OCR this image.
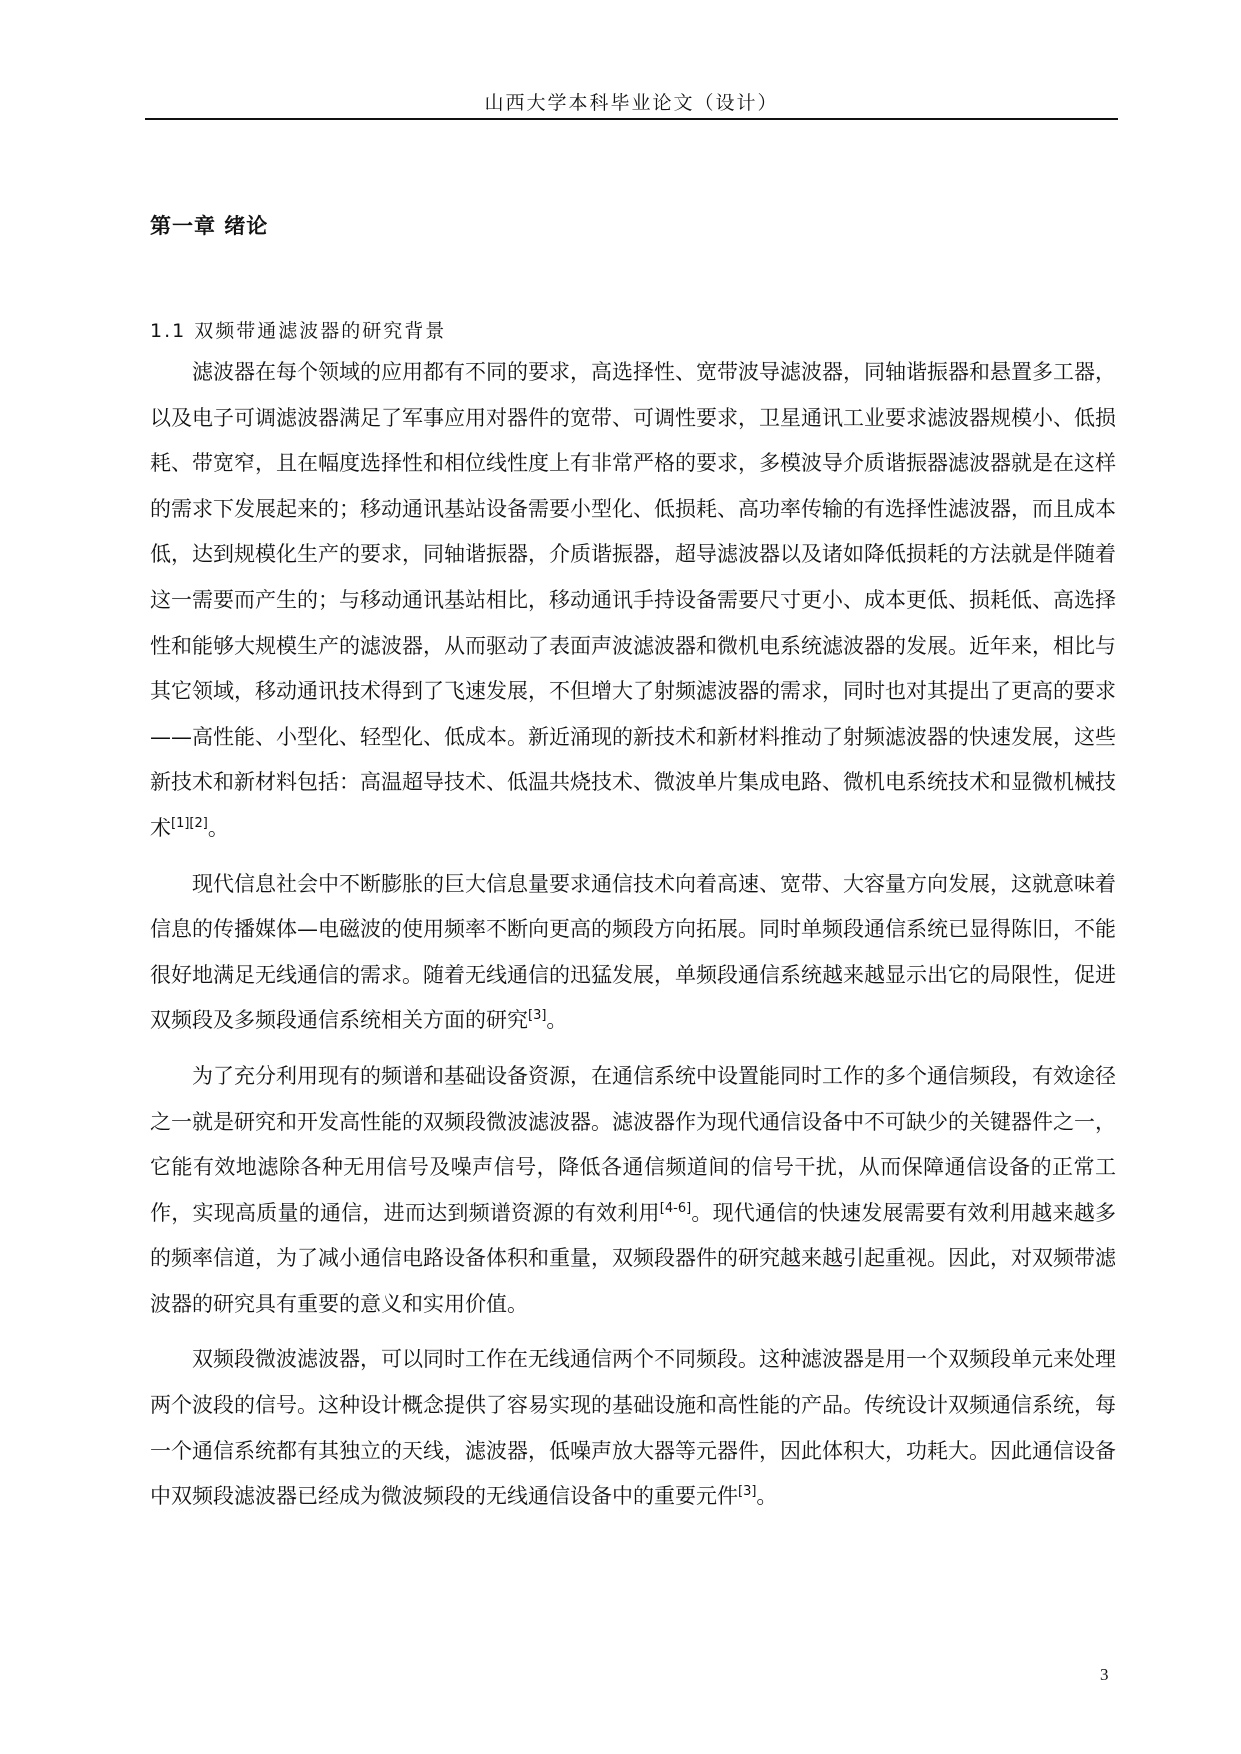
山西大学本科毕业论文（设计）
第一章 绪论
1.1 双频带通滤波器的研究背景

滤波器在每个领域的应用都有不同的要求，高选择性、宽带波导滤波器，同轴谐振器和悬置多工器，以及电子可调滤波器满足了军事应用对器件的宽带、可调性要求，卫星通讯工业要求滤波器规模小、低损耗、带宽窄，且在幅度选择性和相位线性度上有非常严格的要求，多模波导介质谐振器滤波器就是在这样的需求下发展起来的；移动通讯基站设备需要小型化、低损耗、高功率传输的有选择性滤波器，而且成本低，达到规模化生产的要求，同轴谐振器，介质谐振器，超导滤波器以及诸如降低损耗的方法就是伴随着这一需要而产生的；与移动通讯基站相比，移动通讯手持设备需要尺寸更小、成本更低、损耗低、高选择性和能够大规模生产的滤波器，从而驱动了表面声波滤波器和微机电系统滤波器的发展。近年来，相比与其它领域，移动通讯技术得到了飞速发展，不但增大了射频滤波器的需求，同时也对其提出了更高的要求——高性能、小型化、轻型化、低成本。新近涌现的新技术和新材料推动了射频滤波器的快速发展，这些新技术和新材料包括：高温超导技术、低温共烧技术、微波单片集成电路、微机电系统技术和显微机械技术[1][2]。

现代信息社会中不断膨胀的巨大信息量要求通信技术向着高速、宽带、大容量方向发展，这就意味着信息的传播媒体—电磁波的使用频率不断向更高的频段方向拓展。同时单频段通信系统已显得陈旧，不能很好地满足无线通信的需求。随着无线通信的迅猛发展，单频段通信系统越来越显示出它的局限性，促进双频段及多频段通信系统相关方面的研究[3]。

为了充分利用现有的频谱和基础设备资源，在通信系统中设置能同时工作的多个通信频段，有效途径之一就是研究和开发高性能的双频段微波滤波器。滤波器作为现代通信设备中不可缺少的关键器件之一，它能有效地滤除各种无用信号及噪声信号，降低各通信频道间的信号干扰，从而保障通信设备的正常工作，实现高质量的通信，进而达到频谱资源的有效利用[4-6]。现代通信的快速发展需要有效利用越来越多的频率信道，为了减小通信电路设备体积和重量，双频段器件的研究越来越引起重视。因此，对双频带滤波器的研究具有重要的意义和实用价值。

双频段微波滤波器，可以同时工作在无线通信两个不同频段。这种滤波器是用一个双频段单元来处理两个波段的信号。这种设计概念提供了容易实现的基础设施和高性能的产品。传统设计双频通信系统，每一个通信系统都有其独立的天线，滤波器，低噪声放大器等元器件，因此体积大，功耗大。因此通信设备中双频段滤波器已经成为微波频段的无线通信设备中的重要元件[3]。

3
